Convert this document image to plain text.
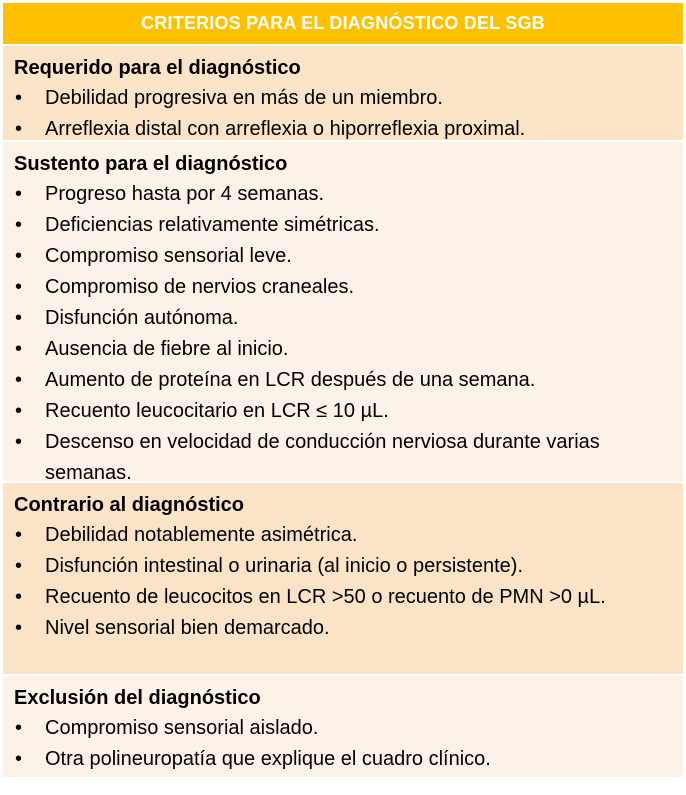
CRITERIOS PARA EL DIAGNÓSTICO DEL SGB

Requerido para el diagnóstico

•	Debilidad progresiva en más de un miembro.
•	Arreflexia distal con arreflexia o hiporreflexia proximal.

Sustento para el diagnóstico

•	Progreso hasta por 4 semanas.
•	Deficiencias relativamente simétricas.
•	Compromiso sensorial leve.
•	Compromiso de nervios craneales.
•	Disfunción autónoma.
•	Ausencia de fiebre al inicio.
•	Aumento de proteína en LCR después de una semana.
•	Recuento leucocitario en LCR ≤ 10 µL.
•	Descenso en velocidad de conducción nerviosa durante varias semanas.

Contrario al diagnóstico

•	Debilidad notablemente asimétrica.
•	Disfunción intestinal o urinaria (al inicio o persistente).
•	Recuento de leucocitos en LCR >50 o recuento de PMN >0 µL.
•	Nivel sensorial bien demarcado.

Exclusión del diagnóstico

•	Compromiso sensorial aislado.
•	Otra polineuropatía que explique el cuadro clínico.
